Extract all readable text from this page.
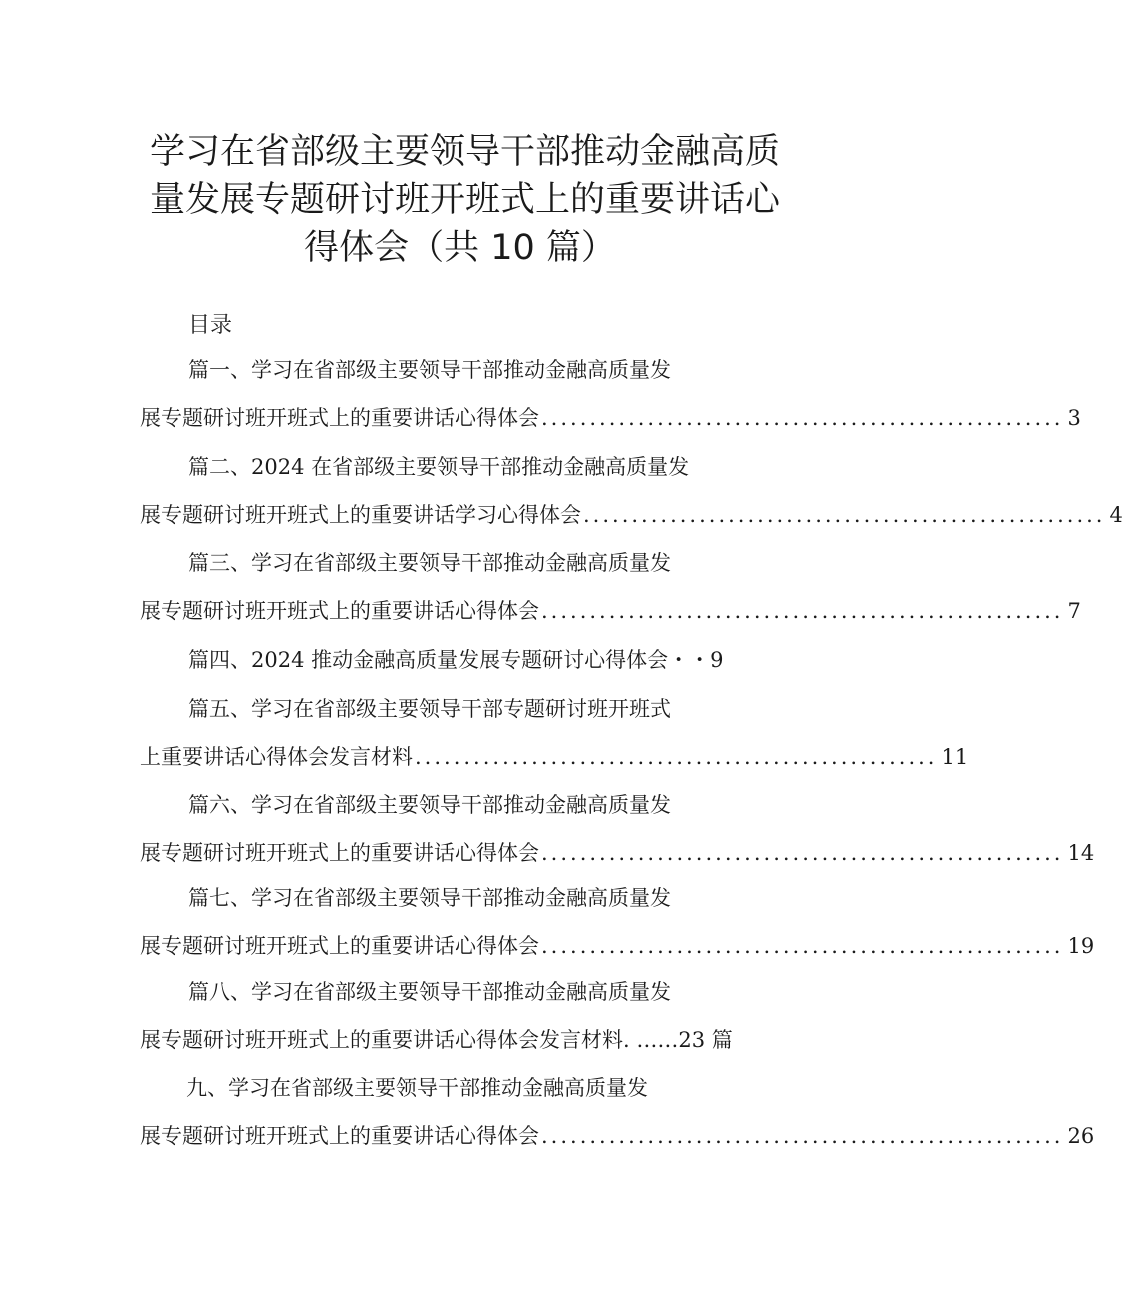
学习在省部级主要领导干部推动金融高质
量发展专题研讨班开班式上的重要讲话心
得体会（共 10 篇）
目录
篇一、学习在省部级主要领导干部推动金融高质量发
展专题研讨班开班式上的重要讲话心得体会 ...................................................... 3
篇二、2024 在省部级主要领导干部推动金融高质量发
展专题研讨班开班式上的重要讲话学习心得体会 ...................................................... 4
篇三、学习在省部级主要领导干部推动金融高质量发
展专题研讨班开班式上的重要讲话心得体会 ...................................................... 7
篇四、2024 推动金融高质量发展专题研讨心得体会・・9
篇五、学习在省部级主要领导干部专题研讨班开班式
上重要讲话心得体会发言材料 ...................................................... 11
篇六、学习在省部级主要领导干部推动金融高质量发
展专题研讨班开班式上的重要讲话心得体会 ...................................................... 14
篇七、学习在省部级主要领导干部推动金融高质量发
展专题研讨班开班式上的重要讲话心得体会 ...................................................... 19
篇八、学习在省部级主要领导干部推动金融高质量发
展专题研讨班开班式上的重要讲话心得体会发言材料. ……23 篇
九、学习在省部级主要领导干部推动金融高质量发
展专题研讨班开班式上的重要讲话心得体会 ...................................................... 26
